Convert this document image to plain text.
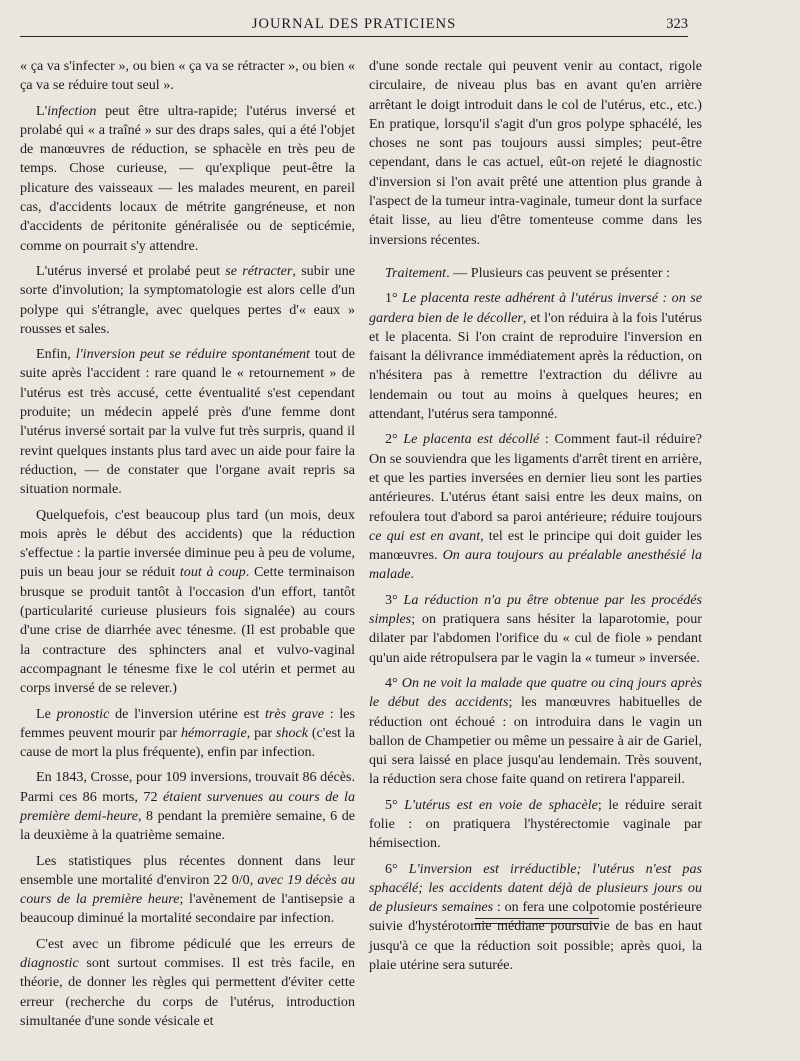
JOURNAL DES PRATICIENS	323

« ça va s'infecter », ou bien « ça va se rétracter », ou bien « ça va se réduire tout seul ».

L'infection peut être ultra-rapide; l'utérus inversé et prolabé qui « a traîné » sur des draps sales, qui a été l'objet de manœuvres de réduction, se sphacèle en très peu de temps. Chose curieuse, — qu'explique peut-être la plicature des vaisseaux — les malades meurent, en pareil cas, d'accidents locaux de métrite gangréneuse, et non d'accidents de péritonite généralisée ou de septicémie, comme on pourrait s'y attendre.

L'utérus inversé et prolabé peut se rétracter, subir une sorte d'involution; la symptomatologie est alors celle d'un polype qui s'étrangle, avec quelques pertes d'« eaux » rousses et sales.

Enfin, l'inversion peut se réduire spontanément tout de suite après l'accident : rare quand le « retournement » de l'utérus est très accusé, cette éventualité s'est cependant produite; un médecin appelé près d'une femme dont l'utérus inversé sortait par la vulve fut très surpris, quand il revint quelques instants plus tard avec un aide pour faire la réduction, — de constater que l'organe avait repris sa situation normale.

Quelquefois, c'est beaucoup plus tard (un mois, deux mois après le début des accidents) que la réduction s'effectue : la partie inversée diminue peu à peu de volume, puis un beau jour se réduit tout à coup. Cette terminaison brusque se produit tantôt à l'occasion d'un effort, tantôt (particularité curieuse plusieurs fois signalée) au cours d'une crise de diarrhée avec ténesme. (Il est probable que la contracture des sphincters anal et vulvo-vaginal accompagnant le ténesme fixe le col utérin et permet au corps inversé de se relever.)

Le pronostic de l'inversion utérine est très grave : les femmes peuvent mourir par hémorragie, par shock (c'est la cause de mort la plus fréquente), enfin par infection.

En 1843, Crosse, pour 109 inversions, trouvait 86 décès. Parmi ces 86 morts, 72 étaient survenues au cours de la première demi-heure, 8 pendant la première semaine, 6 de la deuxième à la quatrième semaine.

Les statistiques plus récentes donnent dans leur ensemble une mortalité d'environ 22 0/0, avec 19 décès au cours de la première heure; l'avènement de l'antisepsie a beaucoup diminué la mortalité secondaire par infection.

C'est avec un fibrome pédiculé que les erreurs de diagnostic sont surtout commises. Il est très facile, en théorie, de donner les règles qui permettent d'éviter cette erreur (recherche du corps de l'utérus, introduction simultanée d'une sonde vésicale et

d'une sonde rectale qui peuvent venir au contact, rigole circulaire, de niveau plus bas en avant qu'en arrière arrêtant le doigt introduit dans le col de l'utérus, etc., etc.) En pratique, lorsqu'il s'agit d'un gros polype sphacélé, les choses ne sont pas toujours aussi simples; peut-être cependant, dans le cas actuel, eût-on rejeté le diagnostic d'inversion si l'on avait prêté une attention plus grande à l'aspect de la tumeur intra-vaginale, tumeur dont la surface était lisse, au lieu d'être tomenteuse comme dans les inversions récentes.

Traitement. — Plusieurs cas peuvent se présenter :

1° Le placenta reste adhérent à l'utérus inversé : on se gardera bien de le décoller, et l'on réduira à la fois l'utérus et le placenta. Si l'on craint de reproduire l'inversion en faisant la délivrance immédiatement après la réduction, on n'hésitera pas à remettre l'extraction du délivre au lendemain ou tout au moins à quelques heures; en attendant, l'utérus sera tamponné.

2° Le placenta est décollé : Comment faut-il réduire? On se souviendra que les ligaments d'arrêt tirent en arrière, et que les parties inversées en dernier lieu sont les parties antérieures. L'utérus étant saisi entre les deux mains, on refoulera tout d'abord sa paroi antérieure; réduire toujours ce qui est en avant, tel est le principe qui doit guider les manœuvres. On aura toujours au préalable anesthésié la malade.

3° La réduction n'a pu être obtenue par les procédés simples; on pratiquera sans hésiter la laparotomie, pour dilater par l'abdomen l'orifice du « cul de fiole » pendant qu'un aide rétropulsera par le vagin la « tumeur » inversée.

4° On ne voit la malade que quatre ou cinq jours après le début des accidents; les manœuvres habituelles de réduction ont échoué : on introduira dans le vagin un ballon de Champetier ou même un pessaire à air de Gariel, qui sera laissé en place jusqu'au lendemain. Très souvent, la réduction sera chose faite quand on retirera l'appareil.

5° L'utérus est en voie de sphacèle; le réduire serait folie : on pratiquera l'hystérectomie vaginale par hémisection.

6° L'inversion est irréductible; l'utérus n'est pas sphacélé; les accidents datent déjà de plusieurs jours ou de plusieurs semaines : on fera une colpotomie postérieure suivie d'hystérotomie médiane poursuivie de bas en haut jusqu'à ce que la réduction soit possible; après quoi, la plaie utérine sera suturée.
